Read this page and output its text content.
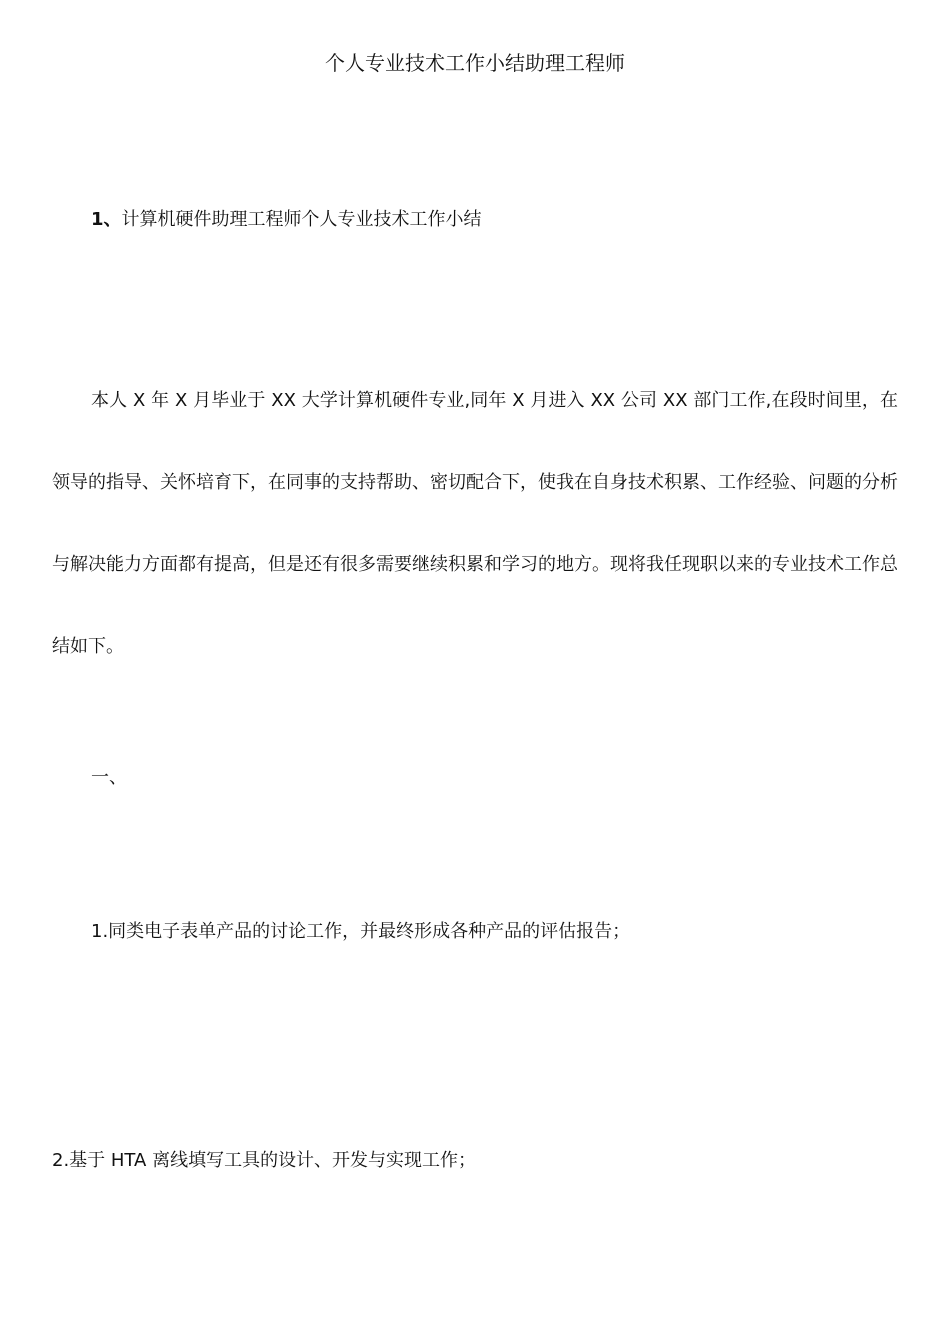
个人专业技术工作小结助理工程师
1、计算机硬件助理工程师个人专业技术工作小结

本人 X 年 X 月毕业于 XX 大学计算机硬件专业,同年 X 月进入 XX 公司 XX 部门工作,在段时间里，在领导的指导、关怀培育下，在同事的支持帮助、密切配合下，使我在自身技术积累、工作经验、问题的分析与解决能力方面都有提高，但是还有很多需要继续积累和学习的地方。现将我任现职以来的专业技术工作总结如下。

一、

1.同类电子表单产品的讨论工作，并最终形成各种产品的评估报告；

2.基于 HTA 离线填写工具的设计、开发与实现工作；
